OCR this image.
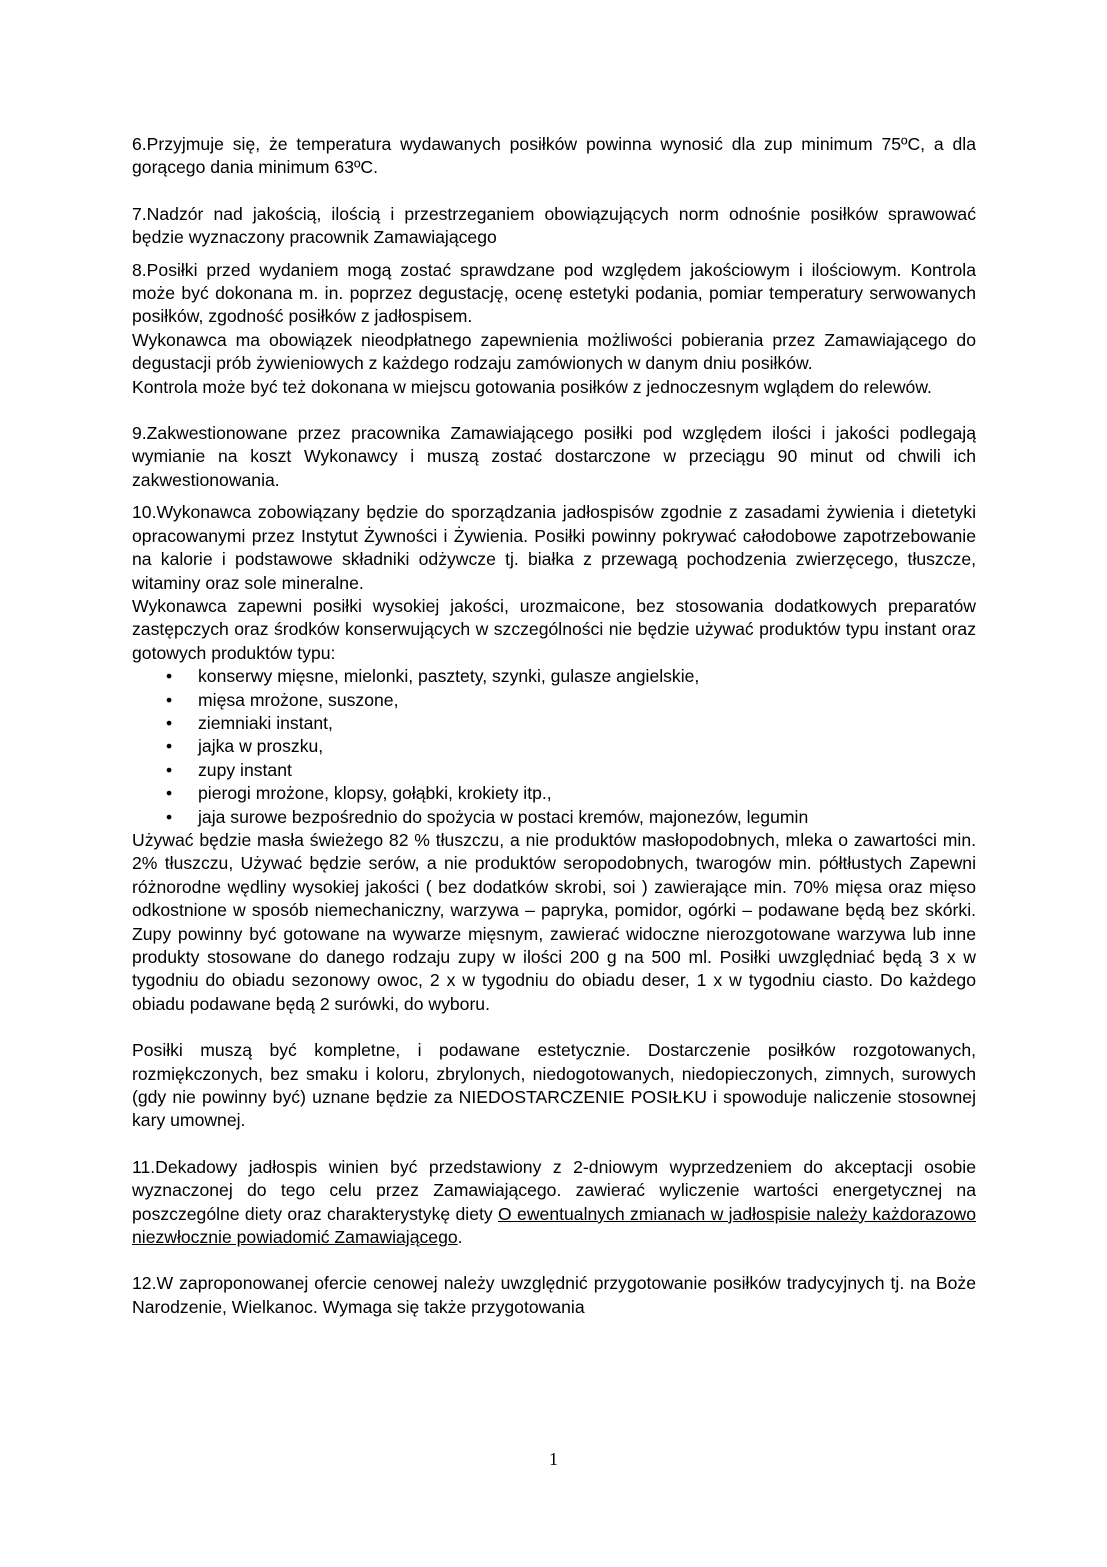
6.Przyjmuje się, że temperatura wydawanych posiłków powinna wynosić dla zup minimum 75ºC, a dla gorącego dania minimum 63ºC.

7.Nadzór nad jakością, ilością i przestrzeganiem obowiązujących norm odnośnie posiłków sprawować będzie wyznaczony pracownik Zamawiającego

8.Posiłki przed wydaniem mogą zostać sprawdzane pod względem jakościowym i ilościowym. Kontrola może być dokonana m. in. poprzez degustację, ocenę estetyki podania, pomiar temperatury serwowanych posiłków, zgodność posiłków z jadłospisem.
Wykonawca ma obowiązek nieodpłatnego zapewnienia możliwości pobierania przez Zamawiającego do degustacji prób żywieniowych z każdego rodzaju zamówionych w danym dniu posiłków.
Kontrola może być też dokonana w miejscu gotowania posiłków z jednoczesnym wglądem do relewów.

9.Zakwestionowane przez pracownika Zamawiającego posiłki pod względem ilości i jakości podlegają wymianie na koszt Wykonawcy i muszą zostać dostarczone w przeciągu 90 minut od chwili ich zakwestionowania.

10.Wykonawca zobowiązany będzie do sporządzania jadłospisów zgodnie z zasadami żywienia i dietetyki opracowanymi przez Instytut Żywności i Żywienia. Posiłki powinny pokrywać całodobowe zapotrzebowanie na kalorie i podstawowe składniki odżywcze tj. białka z przewagą pochodzenia zwierzęcego, tłuszcze, witaminy oraz sole mineralne.
Wykonawca zapewni posiłki wysokiej jakości, urozmaicone, bez stosowania dodatkowych preparatów zastępczych oraz środków konserwujących w szczególności nie będzie używać produktów typu instant oraz gotowych produktów typu:
• konserwy mięsne, mielonki, pasztety, szynki, gulasze angielskie,
• mięsa mrożone, suszone,
• ziemniaki instant,
• jajka w proszku,
• zupy instant
• pierogi mrożone, klopsy, gołąbki, krokiety itp.,
• jaja surowe bezpośrednio do spożycia w postaci kremów, majonezów, legumin
Używać będzie masła świeżego 82 % tłuszczu, a nie produktów masłopodobnych, mleka o zawartości min. 2% tłuszczu, Używać będzie serów, a nie produktów seropodobnych, twarogów min. półtłustych Zapewni różnorodne wędliny wysokiej jakości ( bez dodatków skrobi, soi ) zawierające min. 70% mięsa oraz mięso odkostnione w sposób niemechaniczny, warzywa – papryka, pomidor, ogórki – podawane będą bez skórki. Zupy powinny być gotowane na wywarze mięsnym, zawierać widoczne nierozgotowane warzywa lub inne produkty stosowane do danego rodzaju zupy w ilości 200 g na 500 ml. Posiłki uwzględniać będą 3 x w tygodniu do obiadu sezonowy owoc, 2 x w tygodniu do obiadu deser, 1 x w tygodniu ciasto. Do każdego obiadu podawane będą 2 surówki, do wyboru.

Posiłki muszą być kompletne, i podawane estetycznie. Dostarczenie posiłków rozgotowanych, rozmiękczonych, bez smaku i koloru, zbrylonych, niedogotowanych, niedopieczonych, zimnych, surowych (gdy nie powinny być) uznane będzie za NIEDOSTARCZENIE POSIŁKU i spowoduje naliczenie stosownej kary umownej.

11.Dekadowy jadłospis winien być przedstawiony z 2-dniowym wyprzedzeniem do akceptacji osobie wyznaczonej do tego celu przez Zamawiającego. zawierać wyliczenie wartości energetycznej na poszczególne diety oraz charakterystykę diety O ewentualnych zmianach w jadłospisie należy każdorazowo niezwłocznie powiadomić Zamawiającego.

12.W zaproponowanej ofercie cenowej należy uwzględnić przygotowanie posiłków tradycyjnych tj. na Boże Narodzenie, Wielkanoc. Wymaga się także przygotowania

1
